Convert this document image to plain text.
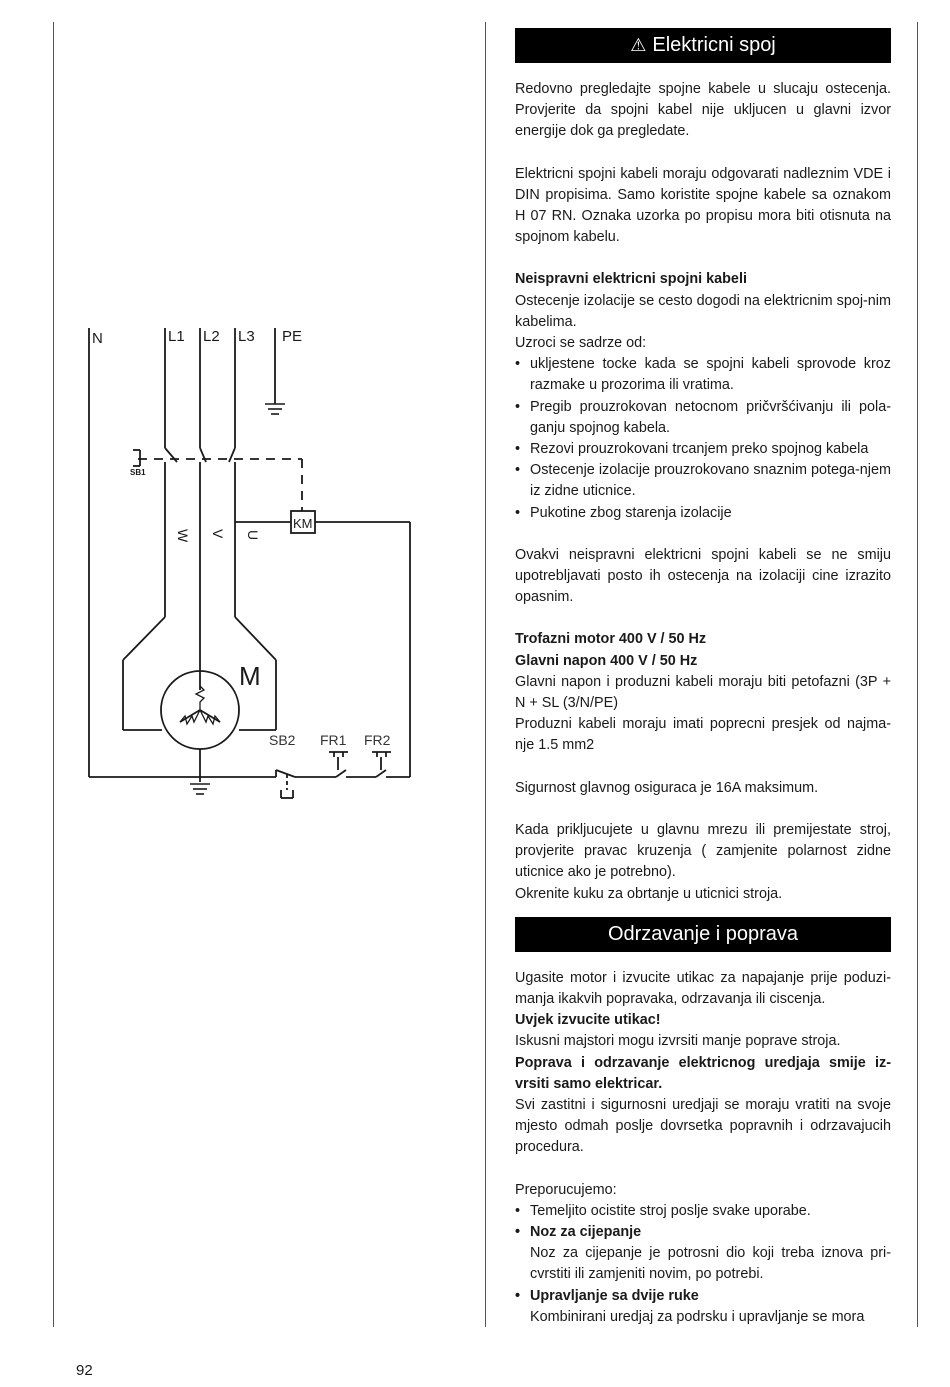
N	L1 L2 L3 PE
SB1
KM
W V U
M
SB2 FR1 FR2
⚠ Elektricni spoj

Redovno pregledajte spojne kabele u slucaju ostecenja. Provjerite da spojni kabel nije ukljucen u glavni izvor energije dok ga pregledate.

Elektricni spojni kabeli moraju odgovarati nadleznim VDE i DIN propisima. Samo koristite spojne kabele sa oznakom H 07 RN. Oznaka uzorka po propisu mora biti otisnuta na spojnom kabelu.

Neispravni elektricni spojni kabeli
Ostecenje izolacije se cesto dogodi na elektricnim spoj-nim kabelima.
Uzroci se sadrze od:
• ukljestene tocke kada se spojni kabeli sprovode kroz razmake u prozorima ili vratima.
• Pregib prouzrokovan netocnom pričvršćivanju ili pola-ganju spojnog kabela.
• Rezovi prouzrokovani trcanjem preko spojnog kabela
• Ostecenje izolacije prouzrokovano snaznim potega-njem iz zidne uticnice.
• Pukotine zbog starenja izolacije

Ovakvi neispravni elektricni spojni kabeli se ne smiju upotrebljavati posto ih ostecenja na izolaciji cine izrazito opasnim.

Trofazni motor 400 V / 50 Hz
Glavni napon 400 V / 50 Hz
Glavni napon i produzni kabeli moraju biti petofazni (3P + N + SL (3/N/PE)
Produzni kabeli moraju imati poprecni presjek od najma-nje 1.5 mm2

Sigurnost glavnog osiguraca je 16A maksimum.

Kada prikljucujete u glavnu mrezu ili premijestate stroj, provjerite pravac kruzenja ( zamjenite polarnost zidne uticnice ako je potrebno).
Okrenite kuku za obrtanje u uticnici stroja.
Odrzavanje i poprava
Ugasite motor i izvucite utikac za napajanje prije poduzi-manja ikakvih popravaka, odrzavanja ili ciscenja.
Uvjek izvucite utikac!
Iskusni majstori mogu izvrsiti manje poprave stroja.
Poprava i odrzavanje elektricnog uredjaja smije iz-vrsiti samo elektricar.
Svi zastitni i sigurnosni uredjaji se moraju vratiti na svoje mjesto odmah poslje dovrsetka popravnih i odrzavajucih procedura.
Preporucujemo:
• Temeljito ocistite stroj poslje svake uporabe.
• Noz za cijepanje
Noz za cijepanje je potrosni dio koji treba iznova pri-cvrstiti ili zamjeniti novim, po potrebi.
• Upravljanje sa dvije ruke
Kombinirani uredjaj za podrsku i upravljanje se mora
92
